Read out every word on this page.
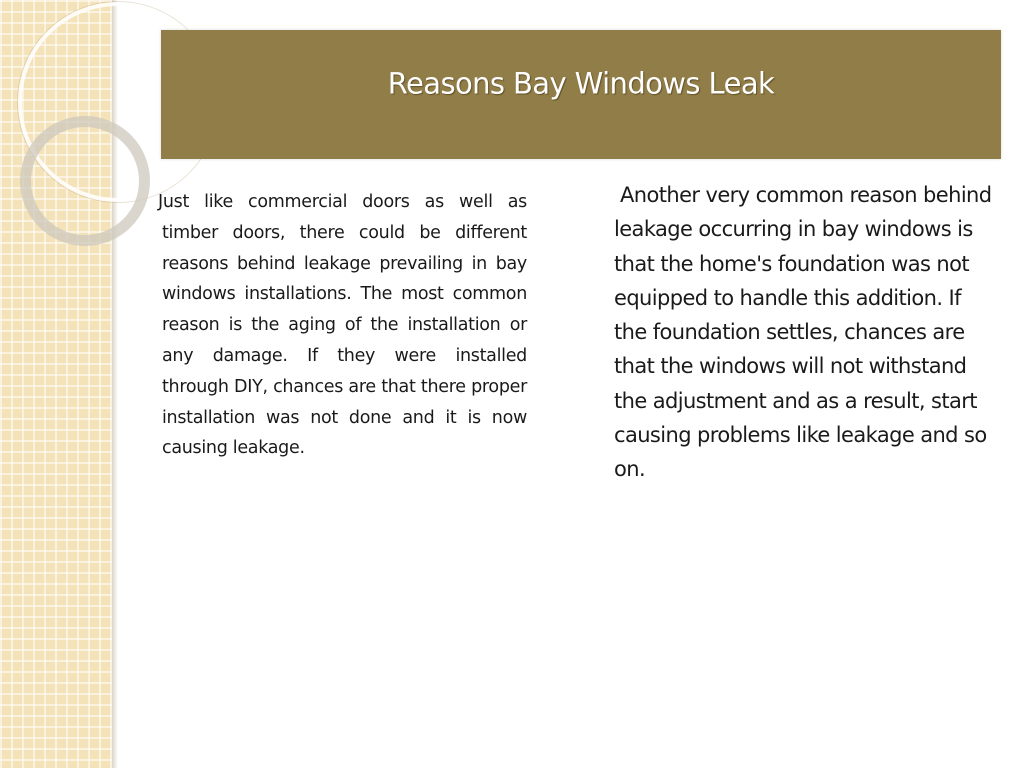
Reasons Bay Windows Leak

Just like commercial doors as well as timber doors, there could be different reasons behind leakage prevailing in bay windows installations. The most common reason is the aging of the installation or any damage. If they were installed through DIY, chances are that there proper installation was not done and it is now causing leakage.

Another very common reason behind leakage occurring in bay windows is that the home's foundation was not equipped to handle this addition. If the foundation settles, chances are that the windows will not withstand the adjustment and as a result, start causing problems like leakage and so on.
